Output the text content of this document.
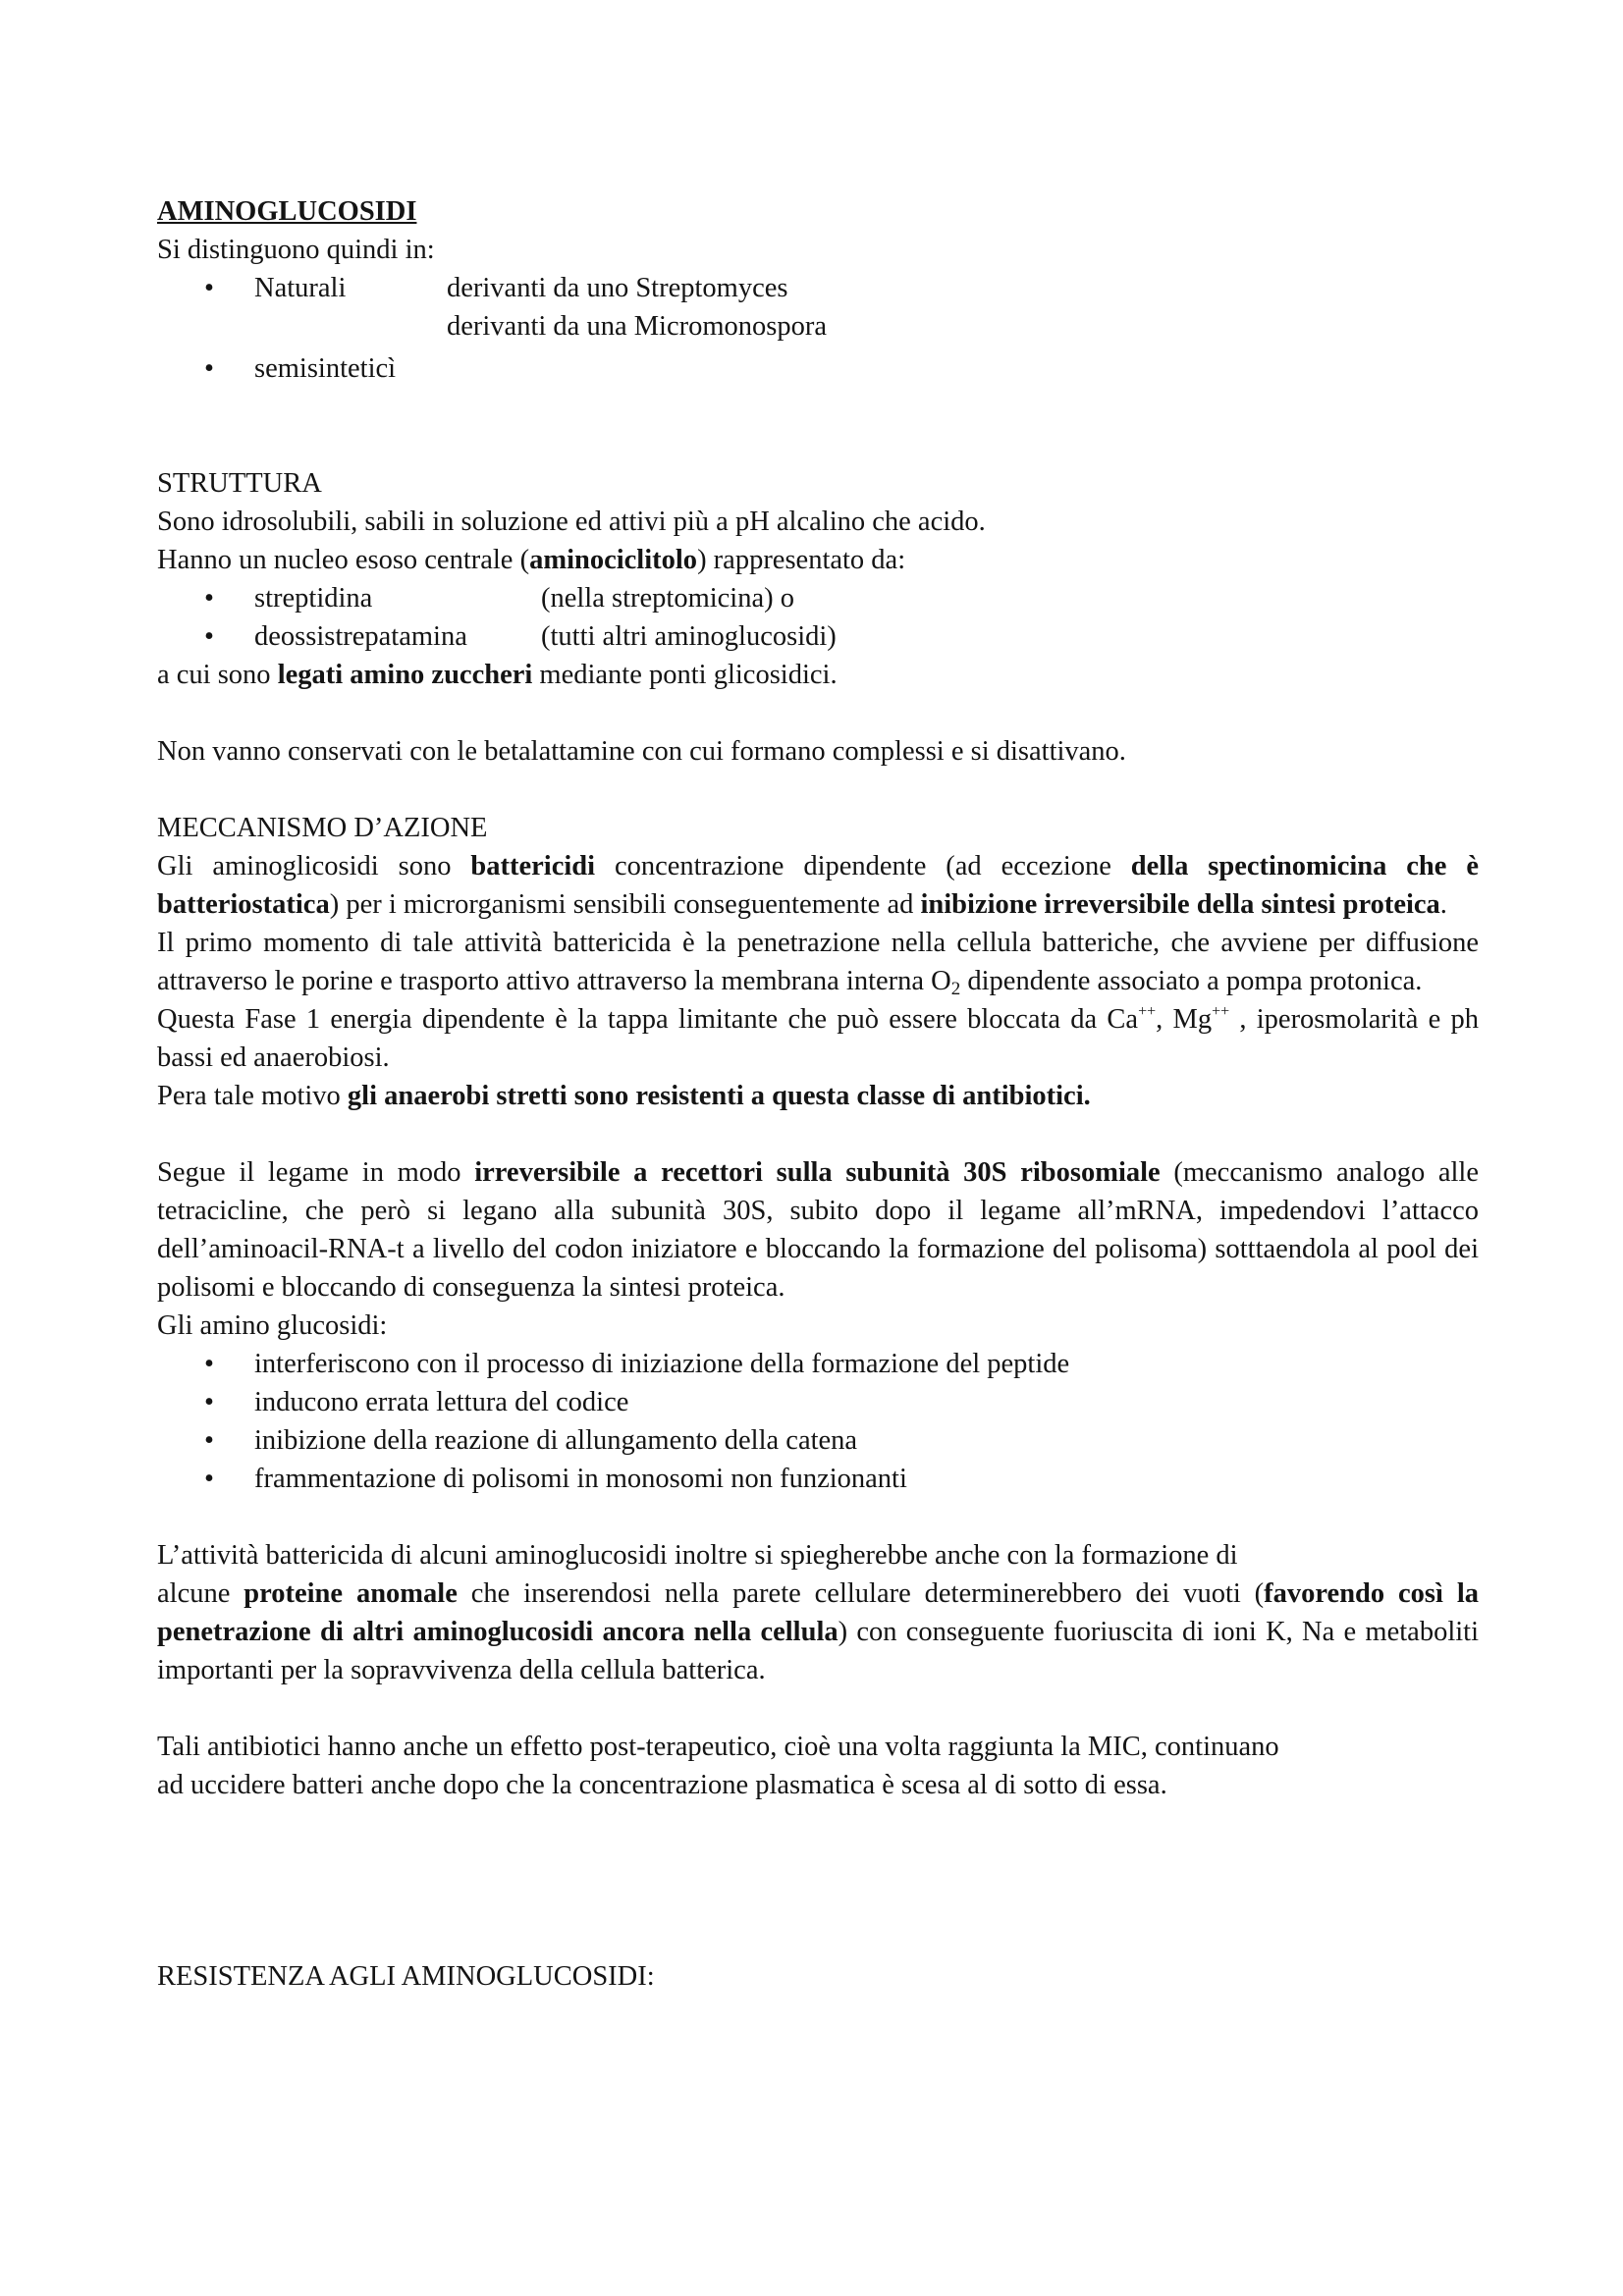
AMINOGLUCOSIDI

Si distinguono quindi in:

• Naturali	derivanti da uno Streptomyces
derivanti da una Micromonospora
• semisinteticì

STRUTTURA

Sono idrosolubili, sabili in soluzione ed attivi più a pH alcalino che acido.

Hanno un nucleo esoso centrale (aminociclitolo) rappresentato da:

• streptidina	(nella streptomicina) o
• deossistrepatamina	(tutti altri aminoglucosidi)

a cui sono legati amino zuccheri mediante ponti glicosidici.

Non vanno conservati con le betalattamine con cui formano complessi e si disattivano.

MECCANISMO D’AZIONE

Gli aminoglicosidi sono battericidi concentrazione dipendente (ad eccezione della spectinomicina che è batteriostatica) per i microrganismi sensibili conseguentemente ad inibizione irreversibile della sintesi proteica.

Il primo momento di tale attività battericida è la penetrazione nella cellula batteriche, che avviene per diffusione attraverso le porine e trasporto attivo attraverso la membrana interna $O_2$ dipendente associato a pompa protonica.

Questa Fase 1 energia dipendente è la tappa limitante che può essere bloccata da Ca++, Mg++ , iperosmolarità e ph bassi ed anaerobiosi.

Pera tale motivo gli anaerobi stretti sono resistenti a questa classe di antibiotici.

Segue il legame in modo irreversibile a recettori sulla subunità 30S ribosomiale (meccanismo analogo alle tetracicline, che però si legano alla subunità 30S, subito dopo il legame all’mRNA, impedendovi l’attacco dell’aminoacil-RNA-t a livello del codon iniziatore e bloccando la formazione del polisoma) sotttaendola al pool dei polisomi e bloccando di conseguenza la sintesi proteica.

Gli amino glucosidi:

• interferiscono con il processo di iniziazione della formazione del peptide
• inducono errata lettura del codice
• inibizione della reazione di allungamento della catena
• frammentazione di polisomi in monosomi non funzionanti

L’attività battericida di alcuni aminoglucosidi inoltre si spiegherebbe anche con la formazione di

alcune proteine anomale che inserendosi nella parete cellulare determinerebbero dei vuoti (favorendo così la penetrazione di altri aminoglucosidi ancora nella cellula) con conseguente fuoriuscita di ioni K, Na e metaboliti importanti per la sopravvivenza della cellula batterica.

Tali antibiotici hanno anche un effetto post-terapeutico, cioè una volta raggiunta la MIC, continuano

ad uccidere batteri anche dopo che la concentrazione plasmatica è scesa al di sotto di essa.

RESISTENZA AGLI AMINOGLUCOSIDI:
